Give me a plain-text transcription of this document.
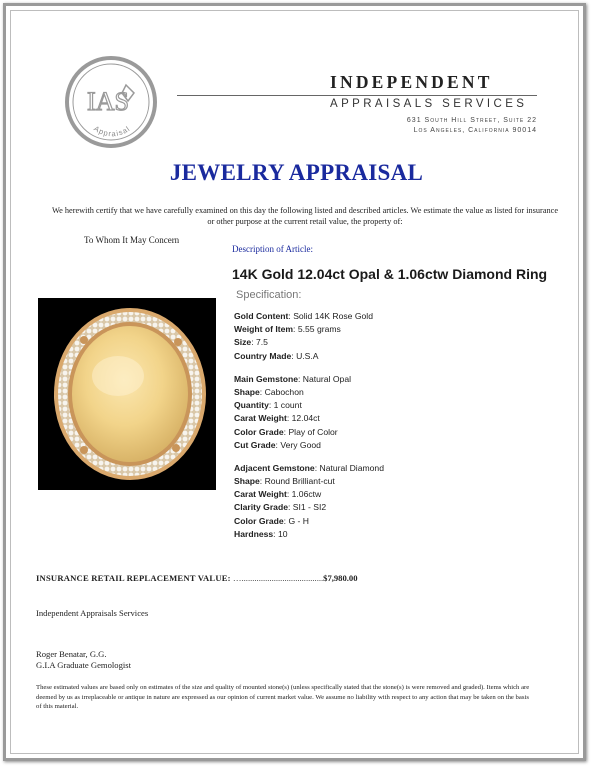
IAS
Appraisal
INDEPENDENT
APPRAISALS SERVICES
631 South Hill Street, Suite 22
Los Angeles, California 90014
JEWELRY APPRAISAL
We herewith certify that we have carefully examined on this day the following listed and described articles. We estimate the value as listed for insurance or other purpose at the current retail value, the property of:
To Whom It May Concern
Description of Article:
14K Gold 12.04ct Opal & 1.06ctw Diamond Ring
Specification:
Gold Content: Solid 14K Rose Gold
Weight of Item: 5.55 grams
Size: 7.5
Country Made: U.S.A
Main Gemstone: Natural Opal
Shape: Cabochon
Quantity: 1 count
Carat Weight: 12.04ct
Color Grade: Play of Color
Cut Grade: Very Good
Adjacent Gemstone: Natural Diamond
Shape: Round Brilliant-cut
Carat Weight: 1.06ctw
Clarity Grade: SI1 - SI2
Color Grade: G - H
Hardness: 10
INSURANCE RETAIL REPLACEMENT VALUE: …......................................$7,980.00
Independent Appraisals Services
Roger Benatar, G.G.
G.I.A Graduate Gemologist
These estimated values are based only on estimates of the size and quality of mounted stone(s) (unless specifically stated that the stone(s) is were removed and graded). Items which are deemed by us as irreplaceable or antique in nature are expressed as our opinion of current market value. We assume no liability with respect to any action that may be taken on the basis of this material.
